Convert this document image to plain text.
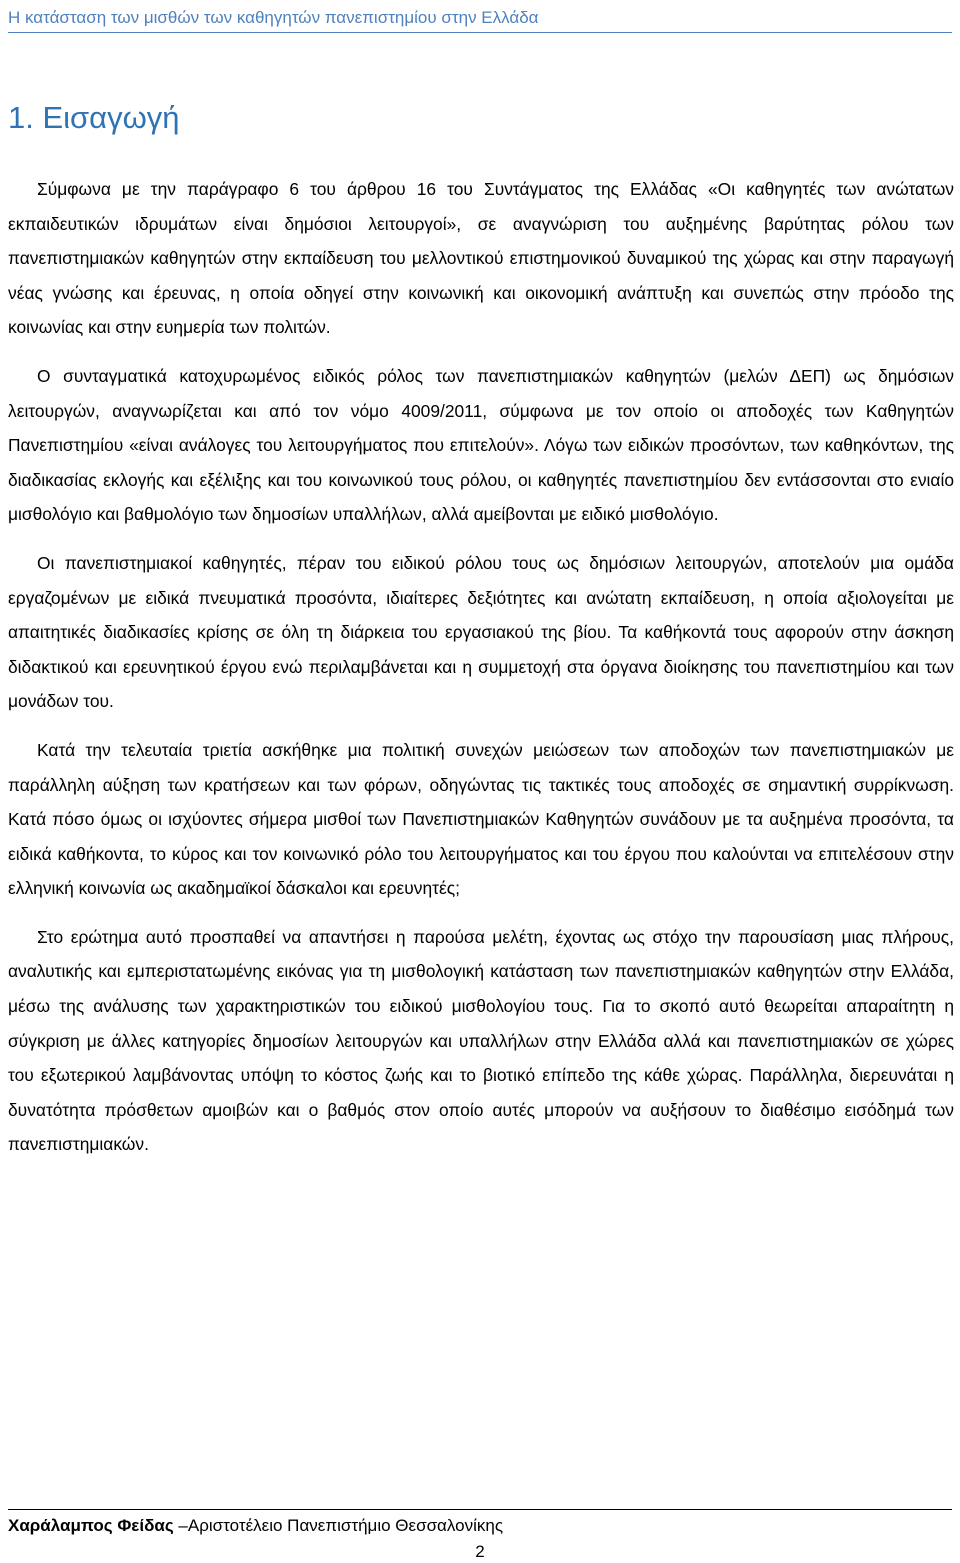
Η κατάσταση των μισθών των καθηγητών πανεπιστημίου στην Ελλάδα
1. Εισαγωγή

Σύμφωνα με την παράγραφο 6 του άρθρου 16 του Συντάγματος της Ελλάδας «Οι καθηγητές των ανώτατων εκπαιδευτικών ιδρυμάτων είναι δημόσιοι λειτουργοί», σε αναγνώριση του αυξημένης βαρύτητας ρόλου των πανεπιστημιακών καθηγητών στην εκπαίδευση του μελλοντικού επιστημονικού δυναμικού της χώρας και στην παραγωγή νέας γνώσης και έρευνας, η οποία οδηγεί στην κοινωνική και οικονομική ανάπτυξη και συνεπώς στην πρόοδο της κοινωνίας και στην ευημερία των πολιτών.

Ο συνταγματικά κατοχυρωμένος ειδικός ρόλος των πανεπιστημιακών καθηγητών (μελών ΔΕΠ) ως δημόσιων λειτουργών, αναγνωρίζεται και από τον νόμο 4009/2011, σύμφωνα με τον οποίο οι αποδοχές των Καθηγητών Πανεπιστημίου «είναι ανάλογες του λειτουργήματος που επιτελούν». Λόγω των ειδικών προσόντων, των καθηκόντων, της διαδικασίας εκλογής και εξέλιξης και του κοινωνικού τους ρόλου, οι καθηγητές πανεπιστημίου δεν εντάσσονται στο ενιαίο μισθολόγιο και βαθμολόγιο των δημοσίων υπαλλήλων, αλλά αμείβονται με ειδικό μισθολόγιο.

Οι πανεπιστημιακοί καθηγητές, πέραν του ειδικού ρόλου τους ως δημόσιων λειτουργών, αποτελούν μια ομάδα εργαζομένων με ειδικά πνευματικά προσόντα, ιδιαίτερες δεξιότητες και ανώτατη εκπαίδευση, η οποία αξιολογείται με απαιτητικές διαδικασίες κρίσης σε όλη τη διάρκεια του εργασιακού της βίου. Τα καθήκοντά τους αφορούν στην άσκηση διδακτικού και ερευνητικού έργου ενώ περιλαμβάνεται και η συμμετοχή στα όργανα διοίκησης του πανεπιστημίου και των μονάδων του.

Κατά την τελευταία τριετία ασκήθηκε μια πολιτική συνεχών μειώσεων των αποδοχών των πανεπιστημιακών με παράλληλη αύξηση των κρατήσεων και των φόρων, οδηγώντας τις τακτικές τους αποδοχές σε σημαντική συρρίκνωση. Κατά πόσο όμως οι ισχύοντες σήμερα μισθοί των Πανεπιστημιακών Καθηγητών συνάδουν με τα αυξημένα προσόντα, τα ειδικά καθήκοντα, το κύρος και τον κοινωνικό ρόλο του λειτουργήματος και του έργου που καλούνται να επιτελέσουν στην ελληνική κοινωνία ως ακαδημαϊκοί δάσκαλοι και ερευνητές;

Στο ερώτημα αυτό προσπαθεί να απαντήσει η παρούσα μελέτη, έχοντας ως στόχο την παρουσίαση μιας πλήρους, αναλυτικής και εμπεριστατωμένης εικόνας για τη μισθολογική κατάσταση των πανεπιστημιακών καθηγητών στην Ελλάδα, μέσω της ανάλυσης των χαρακτηριστικών του ειδικού μισθολογίου τους. Για το σκοπό αυτό θεωρείται απαραίτητη η σύγκριση με άλλες κατηγορίες δημοσίων λειτουργών και υπαλλήλων στην Ελλάδα αλλά και πανεπιστημιακών σε χώρες του εξωτερικού λαμβάνοντας υπόψη το κόστος ζωής και το βιοτικό επίπεδο της κάθε χώρας. Παράλληλα, διερευνάται η δυνατότητα πρόσθετων αμοιβών και ο βαθμός στον οποίο αυτές μπορούν να αυξήσουν το διαθέσιμο εισόδημά των πανεπιστημιακών.

Χαράλαμπος Φείδας –Αριστοτέλειο Πανεπιστήμιο Θεσσαλονίκης
2
